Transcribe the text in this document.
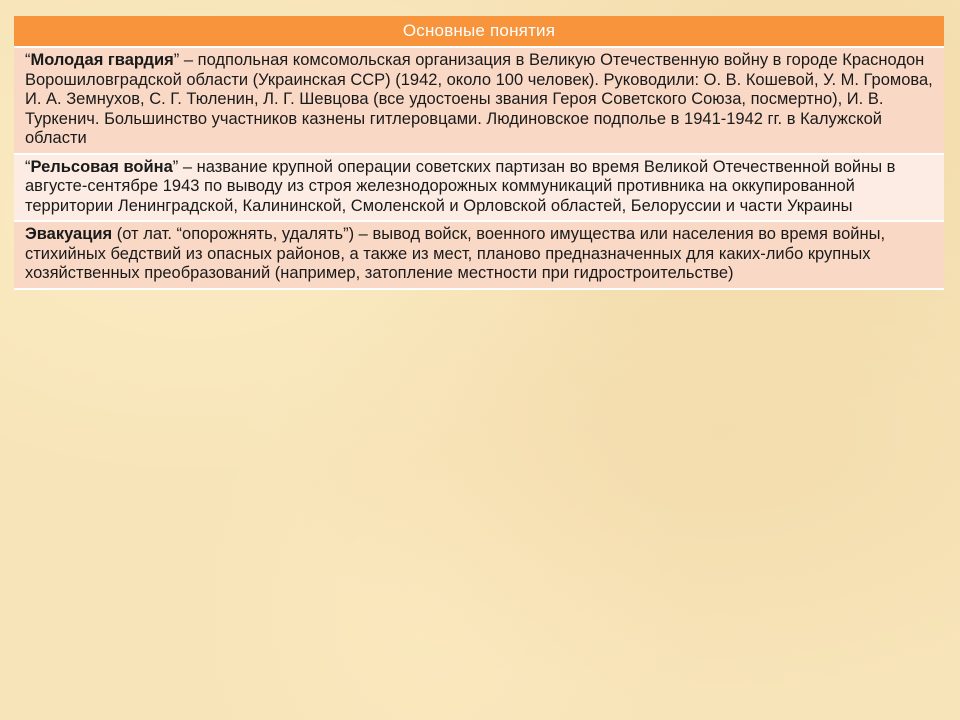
Основные понятия
“Молодая гвардия” – подпольная комсомольская организация в Великую Отечественную войну в городе Краснодон Ворошиловградской области (Украинская ССР) (1942, около 100 человек). Руководили: О. В. Кошевой, У. М. Громова, И. А. Земнухов, С. Г. Тюленин, Л. Г. Шевцова (все удостоены звания Героя Советского Союза, посмертно), И. В. Туркенич. Большинство участников казнены гитлеровцами. Людиновское подполье в 1941-1942 гг. в Калужской области
“Рельсовая война” – название крупной операции советских партизан во время Великой Отечественной войны в августе-сентябре 1943 по выводу из строя железнодорожных коммуникаций противника на оккупированной территории Ленинградской, Калининской, Смоленской и Орловской областей, Белоруссии и части Украины
Эвакуация (от лат. “опорожнять, удалять”) – вывод войск, военного имущества или населения во время войны, стихийных бедствий из опасных районов, а также из мест, планово предназначенных для каких-либо крупных хозяйственных преобразований (например, затопление местности при гидростроительстве)
